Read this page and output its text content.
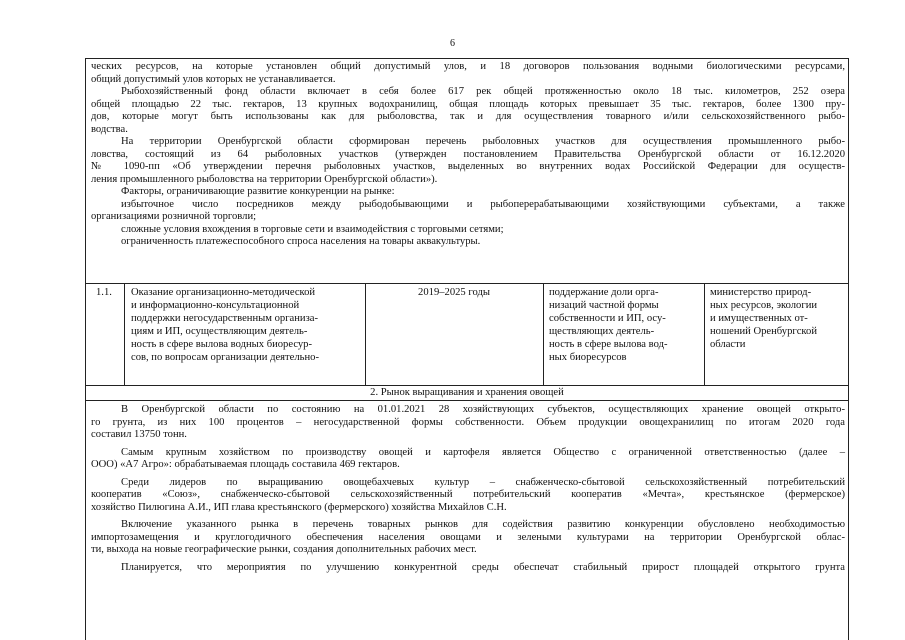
6
ческих ресурсов, на которые установлен общий допустимый улов, и 18 договоров пользования водными биологическими ресурсами,
общий допустимый улов которых не устанавливается.
Рыбохозяйственный фонд области включает в себя более 617 рек общей протяженностью около 18 тыс. километров, 252 озера
общей площадью 22 тыс. гектаров, 13 крупных водохранилищ, общая площадь которых превышает 35 тыс. гектаров, более 1300 пру-
дов, которые могут быть использованы как для рыболовства, так и для осуществления товарного и/или сельскохозяйственного рыбо-
водства.
На территории Оренбургской области сформирован перечень рыболовных участков для осуществления промышленного рыбо-
ловства, состоящий из 64 рыболовных участков (утвержден постановлением Правительства Оренбургской области от 16.12.2020
№ 1090-пп «Об утверждении перечня рыболовных участков, выделенных во внутренних водах Российской Федерации для осуществ-
ления промышленного рыболовства на территории Оренбургской области»).
Факторы, ограничивающие развитие конкуренции на рынке:
избыточное число посредников между рыбодобывающими и рыбоперерабатывающими хозяйствующими субъектами, а также
организациями розничной торговли;
сложные условия вхождения в торговые сети и взаимодействия с торговыми сетями;
ограниченность платежеспособного спроса населения на товары аквакультуры.
1.1. Оказание организационно-методической
и информационно-консультационной
поддержки негосударственным организа-
циям и ИП, осуществляющим деятель-
ность в сфере вылова водных биоресур-
сов, по вопросам организации деятельно-
2019–2025 годы	поддержание доли орга-
низаций частной формы
собственности и ИП, осу-
ществляющих деятель-
ность в сфере вылова вод-
ных биоресурсов
министерство природ-
ных ресурсов, экологии
и имущественных от-
ношений Оренбургской
области
2. Рынок выращивания и хранения овощей
В Оренбургской области по состоянию на 01.01.2021 28 хозяйствующих субъектов, осуществляющих хранение овощей открыто-
го грунта, из них 100 процентов – негосударственной формы собственности. Объем продукции овощехранилищ по итогам 2020 года
составил 13750 тонн.
Самым крупным хозяйством по производству овощей и картофеля является Общество с ограниченной ответственностью (далее –
ООО) «А7 Агро»: обрабатываемая площадь составила 469 гектаров.
Среди лидеров по выращиванию овощебахчевых культур – снабженческо-сбытовой сельскохозяйственный потребительский
кооператив «Союз», снабженческо-сбытовой сельскохозяйственный потребительский кооператив «Мечта», крестьянское (фермерское)
хозяйство Пилюгина А.И., ИП глава крестьянского (фермерского) хозяйства Михайлов С.Н.
Включение указанного рынка в перечень товарных рынков для содействия развитию конкуренции обусловлено необходимостью
импортозамещения и круглогодичного обеспечения населения овощами и зелеными культурами на территории Оренбургской облас-
ти, выхода на новые географические рынки, создания дополнительных рабочих мест.
Планируется, что мероприятия по улучшению конкурентной среды обеспечат стабильный прирост площадей открытого грунта
